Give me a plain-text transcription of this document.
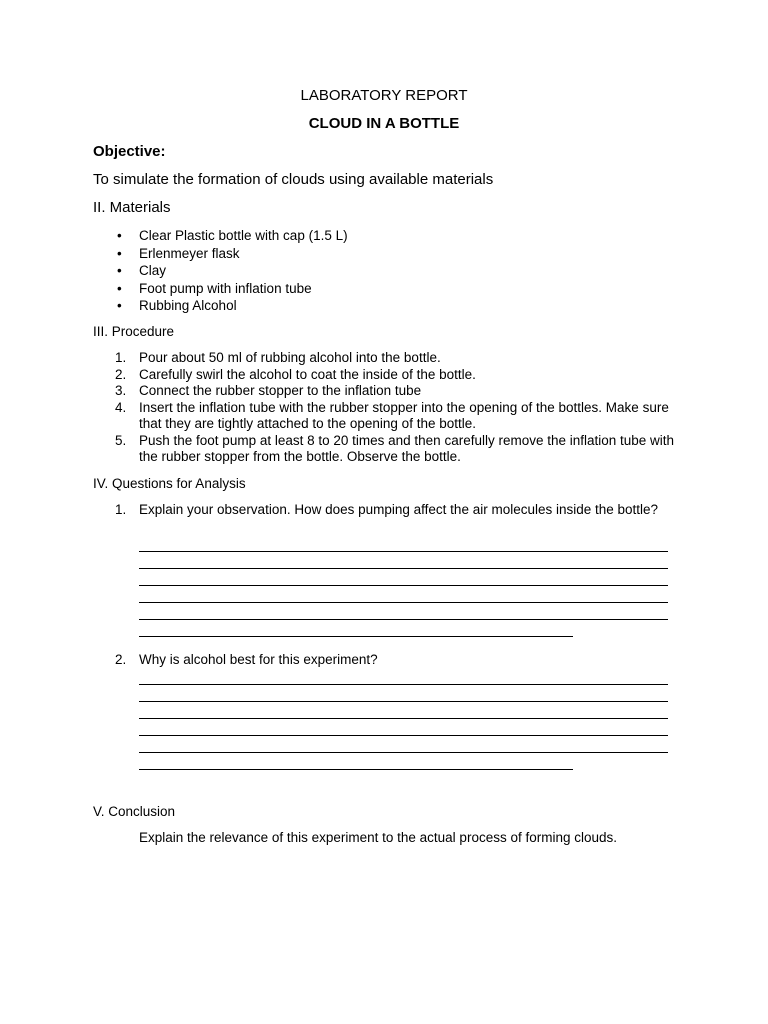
LABORATORY REPORT
CLOUD IN A BOTTLE
Objective:
To simulate the formation of clouds using available materials
II. Materials
• Clear Plastic bottle with cap (1.5 L)
• Erlenmeyer flask
• Clay
• Foot pump with inflation tube
• Rubbing Alcohol
III. Procedure
1. Pour about 50 ml of rubbing alcohol into the bottle.
2. Carefully swirl the alcohol to coat the inside of the bottle.
3. Connect the rubber stopper to the inflation tube
4. Insert the inflation tube with the rubber stopper into the opening of the bottles. Make sure that they are tightly attached to the opening of the bottle.
5. Push the foot pump at least 8 to 20 times and then carefully remove the inflation tube with the rubber stopper from the bottle. Observe the bottle.
IV. Questions for Analysis
1. Explain your observation. How does pumping affect the air molecules inside the bottle?
2. Why is alcohol best for this experiment?
V. Conclusion
Explain the relevance of this experiment to the actual process of forming clouds.
